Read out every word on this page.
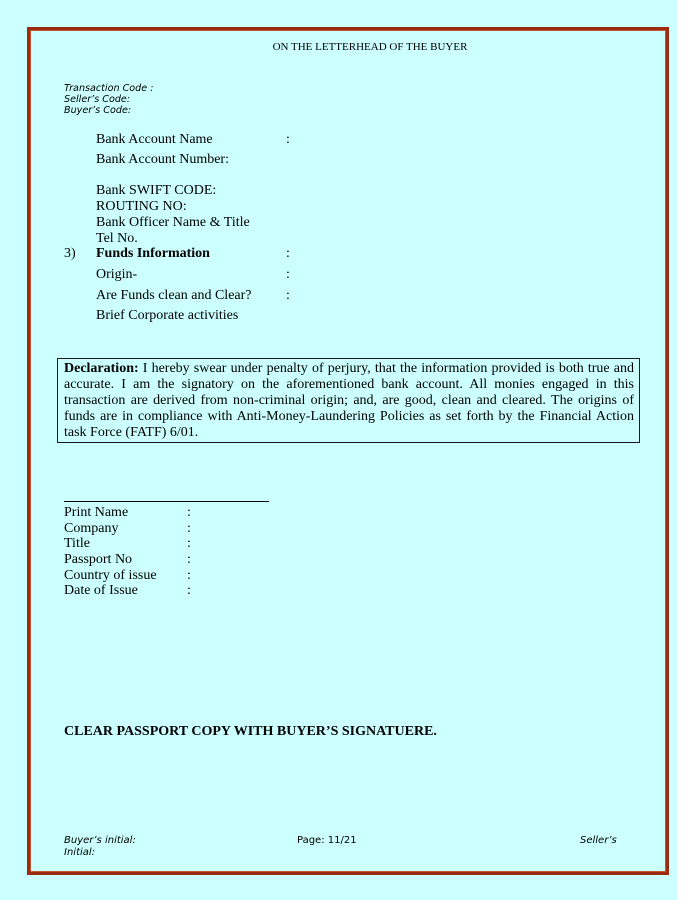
ON THE LETTERHEAD OF THE BUYER
Transaction Code :
Seller’s Code:
Buyer’s Code:
Bank Account Name	:
Bank Account Number:
Bank SWIFT CODE:
ROUTING NO:
Bank Officer Name & Title
Tel No.
3) Funds Information	:
Origin-	:
Are Funds clean and Clear? :
Brief Corporate activities
Declaration: I hereby swear under penalty of perjury, that the information provided is both true and accurate. I am the signatory on the aforementioned bank account. All monies engaged in this transaction are derived from non-criminal origin; and, are good, clean and cleared. The origins of funds are in compliance with Anti-Money-Laundering Policies as set forth by the Financial Action task Force (FATF) 6/01.
Print Name	:
Company	:
Title	:
Passport No	:
Country of issue :
Date of Issue	:
CLEAR PASSPORT COPY WITH BUYER’S SIGNATUERE.
Buyer’s initial:
Initial:
Page: 11/21	Seller’s
